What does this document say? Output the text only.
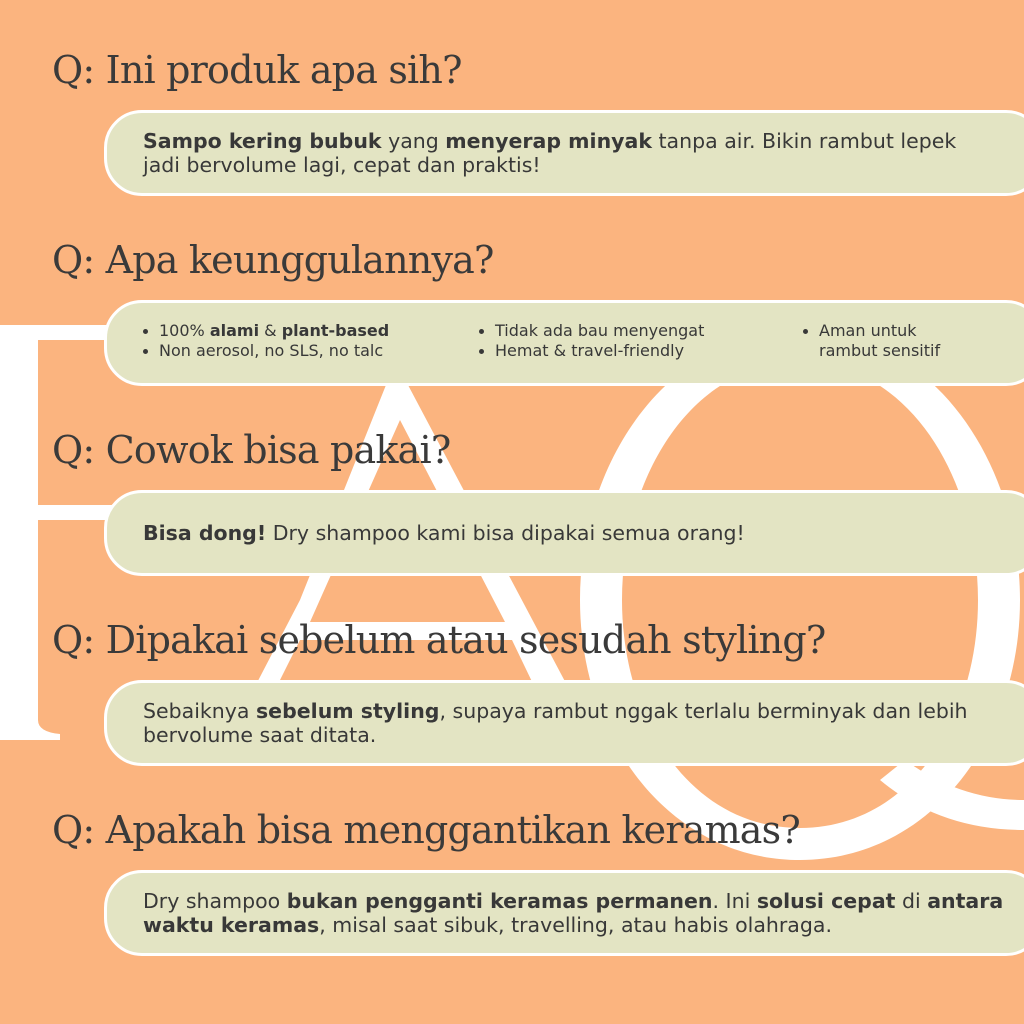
Q: Ini produk apa sih?
Sampo kering bubuk yang menyerap minyak tanpa air. Bikin rambut lepek jadi bervolume lagi, cepat dan praktis!
Q: Apa keunggulannya?
100% alami & plant-based
Non aerosol, no SLS, no talc
Tidak ada bau menyengat
Hemat & travel-friendly
Aman untuk
rambut sensitif
Q: Cowok bisa pakai?
Bisa dong! Dry shampoo kami bisa dipakai semua orang!
Q: Dipakai sebelum atau sesudah styling?
Sebaiknya sebelum styling, supaya rambut nggak terlalu berminyak dan lebih bervolume saat ditata.
Q: Apakah bisa menggantikan keramas?
Dry shampoo bukan pengganti keramas permanen. Ini solusi cepat di antara waktu keramas, misal saat sibuk, travelling, atau habis olahraga.
